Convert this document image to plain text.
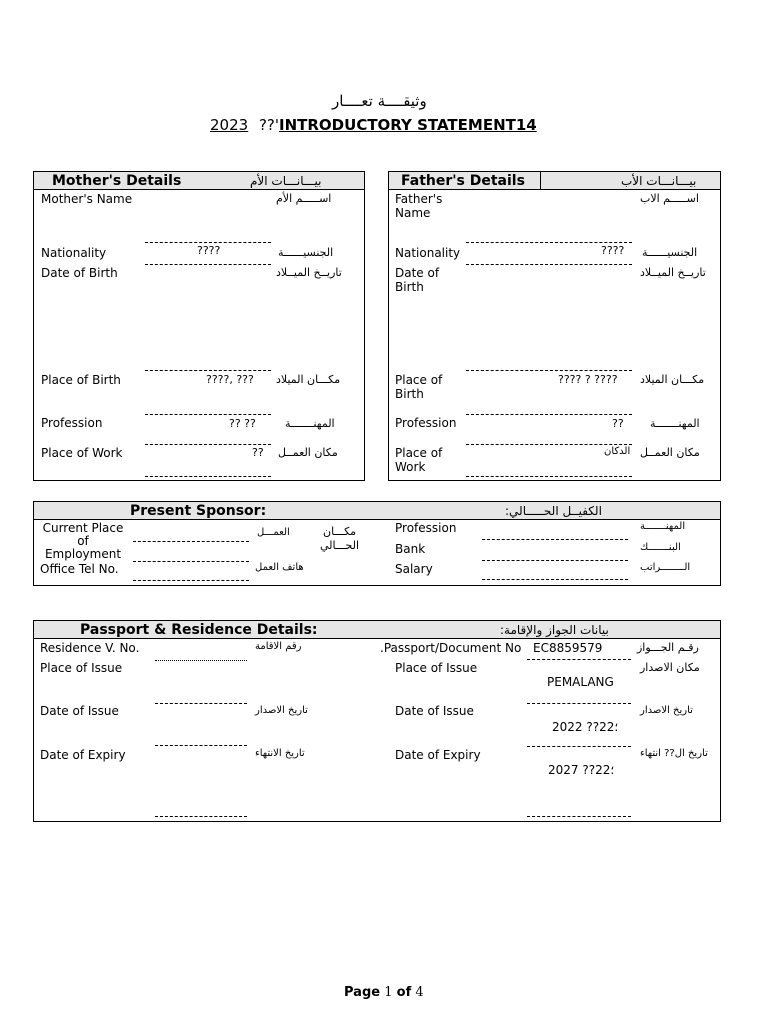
وثيقــــة تعــــار
2023 ??'INTRODUCTORY STATEMENT14
Mother's Details	بيـــانـــات الأم
Mother's Name	اســـــم الأم
Nationality	????	الجنسيــــــة
Date of Birth	تاريــخ الميــلاد
Place of Birth	????, ??? مكـــان الميلاد
Profession	?? ??	المهنـــــــة
Place of Work	?? مكان العمــل
Father's Details	بيـــانـــات الأب
Father's
Name
اســـــم الاب
Nationality	???? الجنسيــــــة
Date of
Birth
تاريــخ الميــلاد
Place of
Birth
???? ? ???? مكـــان الميلاد
Profession	?? المهنـــــــة
Place of
Work
الدكان مكان العمــل
Present Sponsor:	الكفيــل الحـــــالي:
Current Place
of
Employment
العمـــل	مكـــان
الحـــالي
Office Tel No.	هاتف العمل
Profession	المهنـــــــة
Bank	البنـــــــك
Salary	الــــــــراتب
Passport & Residence Details:	بيانات الجواز والإقامة:
Residence V. No.	رقم الاقامة
Place of Issue
Date of Issue	تاريخ الاصدار
Date of Expiry	تاريخ الانتهاء
.Passport/Document No EC8859579	رقـم الجـــواز
Place of Issue	مكان الاصدار
PEMALANG
Date of Issue	تاريخ الاصدار
2022 ??؛22
Date of Expiry	تاريخ ال?? انتهاء
2027 ??؛22
Page 1 of 4
